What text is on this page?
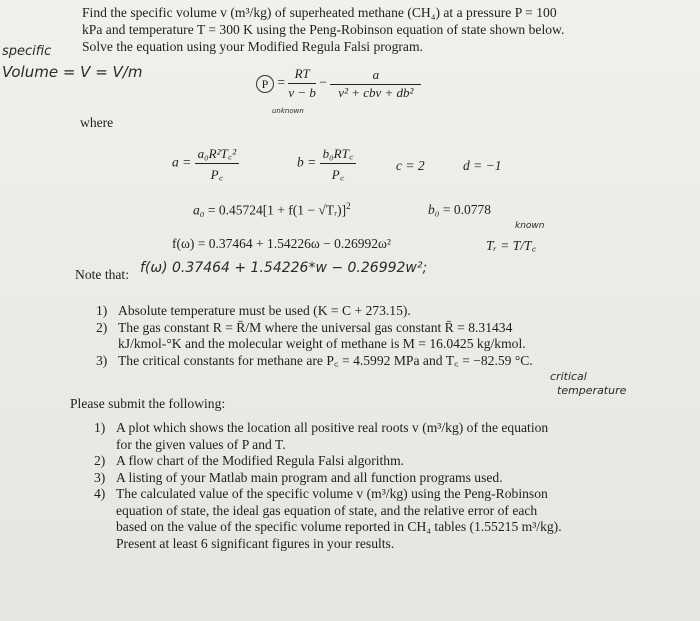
Find the specific volume v (m³/kg) of superheated methane (CH₄) at a pressure P = 100
kPa and temperature T = 300 K using the Peng-Robinson equation of state shown below.
Solve the equation using your Modified Regula Falsi program.
specific
Volume = V = V/m
$P = \frac{RT}{v - b} - \frac{a}{\text{v² + cbv + db²}}$
unknown
where
$a = \frac{\text{a₀R²T꜀²}}{P꜀}$	$b = \frac{\text{b₀RT꜀}}{P꜀}$	c = 2	d = −1
a₀ = 0.45724[1 + f(1 − √Tᵣ)]$^2$	b₀ = 0.0778
known
f(ω) = 0.37464 + 1.54226ω − 0.26992ω²	Tᵣ = T/T꜀
Note that: f(ω) 0.37464 + 1.54226*w − 0.26992w²;
1) Absolute temperature must be used (K = C + 273.15).
2) The gas constant R = R̄/M where the universal gas constant R̄ = 8.31434
kJ/kmol-°K and the molecular weight of methane is M = 16.0425 kg/kmol.
3) The critical constants for methane are P꜀ = 4.5992 MPa and T꜀ = −82.59 °C.
critical
temperature
Please submit the following:
1) A plot which shows the location all positive real roots v (m³/kg) of the equation
for the given values of P and T.
2) A flow chart of the Modified Regula Falsi algorithm.
3) A listing of your Matlab main program and all function programs used.
4) The calculated value of the specific volume v (m³/kg) using the Peng-Robinson
equation of state, the ideal gas equation of state, and the relative error of each
based on the value of the specific volume reported in CH₄ tables (1.55215 m³/kg).
Present at least 6 significant figures in your results.
